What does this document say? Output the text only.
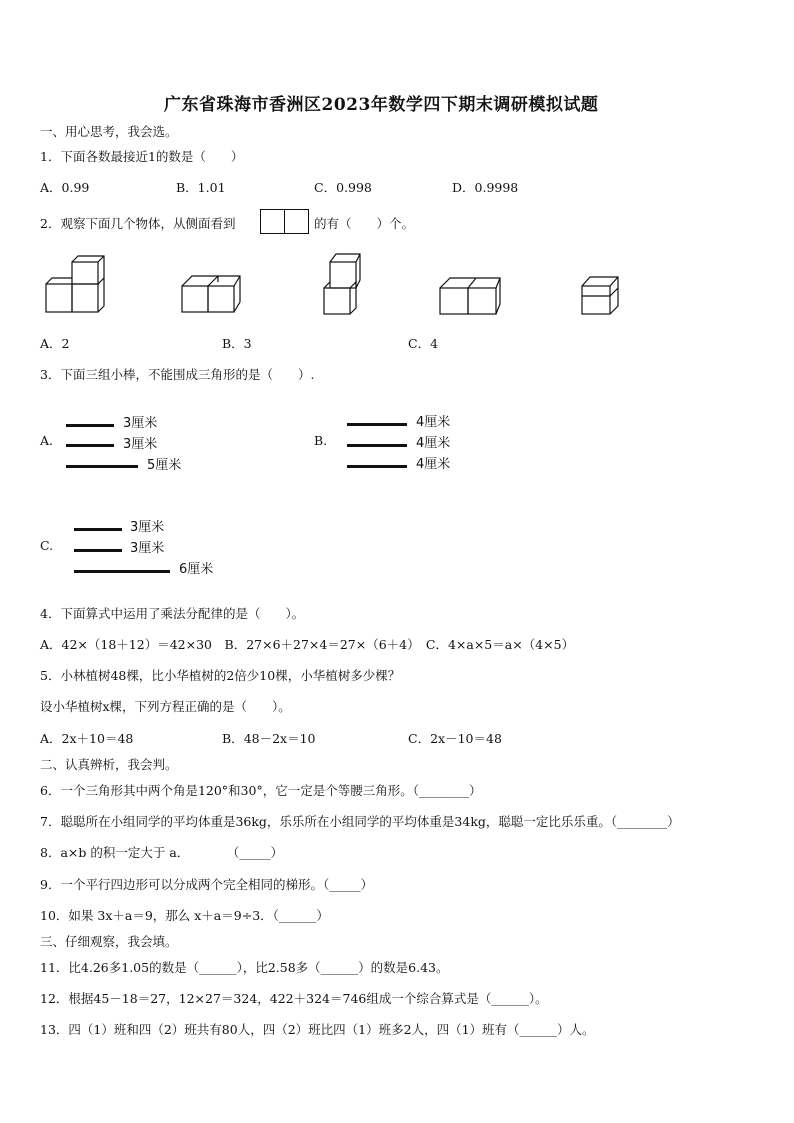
广东省珠海市香洲区2023年数学四下期末调研模拟试题
一、用心思考，我会选。
1．下面各数最接近1的数是（　　）
A．0.99	B．1.01	C．0.998	D．0.9998
2．观察下面几个物体，从侧面看到	的有（　　）个。
A．2	B．3	C．4
3．下面三组小棒，不能围成三角形的是（　　）.
A.
3厘米
3厘米
5厘米
B.
4厘米
4厘米
4厘米
C.
3厘米
3厘米
6厘米
4．下面算式中运用了乘法分配律的是（　　）。
A．42×（18＋12）＝42×30　B．27×6＋27×4＝27×（6＋4）　C．4×a×5＝a×（4×5）
5．小林植树48棵，比小华植树的2倍少10棵，小华植树多少棵？
设小华植树x棵，下列方程正确的是（　　）。
A．2x＋10＝48	B．48－2x＝10	C．2x－10＝48
二、认真辨析，我会判。
6．一个三角形其中两个角是120°和30°，它一定是个等腰三角形。（________）
7．聪聪所在小组同学的平均体重是36kg，乐乐所在小组同学的平均体重是34kg，聪聪一定比乐乐重。（________）
8．a×b 的积一定大于 a．　　　　（_____）
9．一个平行四边形可以分成两个完全相同的梯形。（_____）
10．如果 3x＋a＝9，那么 x＋a＝9÷3．（______）
三、仔细观察，我会填。
11．比4.26多1.05的数是（______），比2.58多（______）的数是6.43。
12．根据45－18＝27，12×27＝324，422＋324＝746组成一个综合算式是（______）。
13．四（1）班和四（2）班共有80人，四（2）班比四（1）班多2人，四（1）班有（______）人。
